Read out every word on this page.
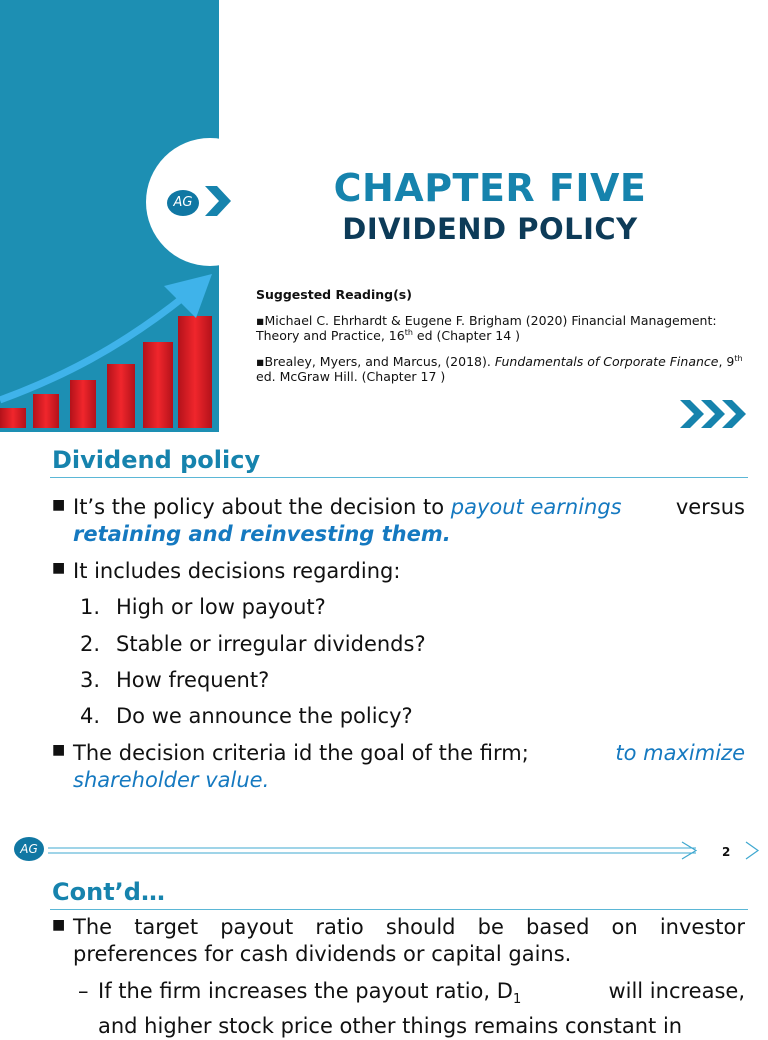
AG	CHAPTER FIVE
DIVIDEND POLICY
Suggested Reading(s)

▪Michael C. Ehrhardt & Eugene F. Brigham (2020) Financial Management: Theory and Practice, 16th ed (Chapter 14 )

▪Brealey, Myers, and Marcus, (2018). Fundamentals of Corporate Finance, 9th ed. McGraw Hill. (Chapter 17 )

Dividend policy
■ It’s the policy about the decision to payout earnings	versus
retaining and reinvesting them.
■ It includes decisions regarding:
1. High or low payout?
2. Stable or irregular dividends?
3. How frequent?
4. Do we announce the policy?
■ The decision criteria id the goal of the firm;	to maximize
shareholder value.
AG	2
Cont’d…
■ The target payout ratio should be based on investor
preferences for cash dividends or capital gains.
– If the firm increases the payout ratio, $D_1$	will increase,
and higher stock price other things remains constant in
